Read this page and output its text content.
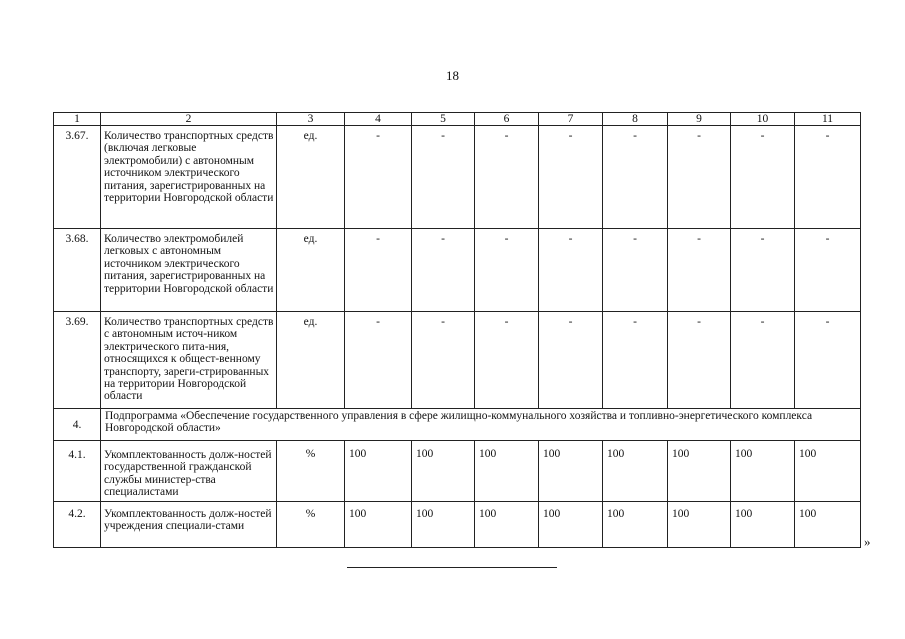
18
1	2	3	4	5	6	7	8	9	10	11
3.67.	Количество транспортных средств (включая легковые электромобили) с автономным источником электрического питания, зарегистрированных на территории Новгородской области	ед.	-	-	-	-	-	-	-	-
3.68.	Количество электромобилей легковых с автономным источником электрического питания, зарегистрированных на территории Новгородской области	ед.	-	-	-	-	-	-	-	-
3.69.	Количество транспортных средств с автономным источ-ником электрического пита-ния, относящихся к общест-венному транспорту, зареги-стрированных на территории Новгородской области	ед.	-	-	-	-	-	-	-	-
4.	Подпрограмма «Обеспечение государственного управления в сфере жилищно-коммунального хозяйства и топливно-энергетического комплекса Новгородской области»									
4.1.	Укомплектованность долж-ностей государственной гражданской службы министер-ства специалистами	%	100	100	100	100	100	100	100	100
4.2.	Укомплектованность долж-ностей учреждения специали-стами	%	100	100	100	100	100	100	100	100
»
